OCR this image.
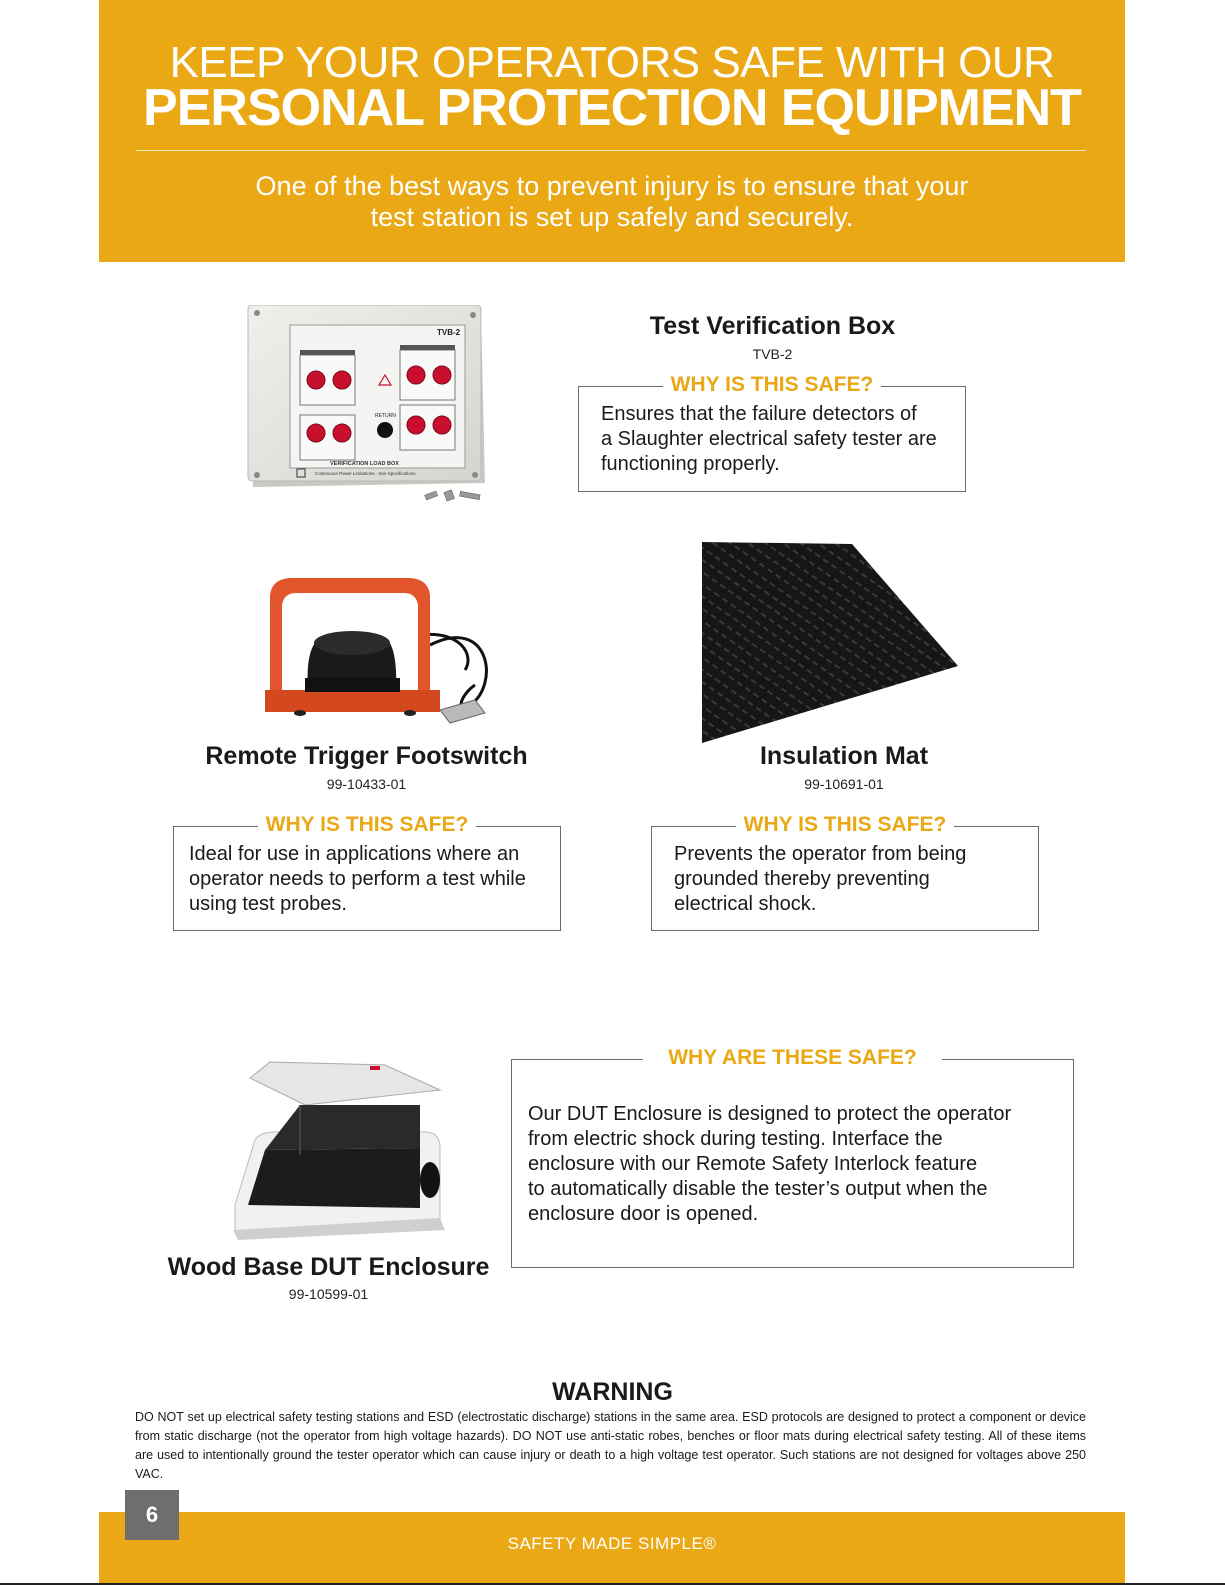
KEEP YOUR OPERATORS SAFE WITH OUR
PERSONAL PROTECTION EQUIPMENT
One of the best ways to prevent injury is to ensure that your
test station is set up safely and securely.
TVB-2
RETURN
VERIFICATION LOAD BOX
Continuous Power Limitations - See Specifications
Test Verification Box
TVB-2
WHY IS THIS SAFE?
Ensures that the failure detectors of
a Slaughter electrical safety tester are
functioning properly.
Remote Trigger Footswitch
99-10433-01
WHY IS THIS SAFE?
Ideal for use in applications where an
operator needs to perform a test while
using test probes.
Insulation Mat
99-10691-01
WHY IS THIS SAFE?
Prevents the operator from being
grounded thereby preventing
electrical shock.
Wood Base DUT Enclosure
99-10599-01
WHY ARE THESE SAFE?
Our DUT Enclosure is designed to protect the operator
from electric shock during testing. Interface the
enclosure with our Remote Safety Interlock feature
to automatically disable the tester’s output when the
enclosure door is opened.
WARNING
DO NOT set up electrical safety testing stations and ESD (electrostatic discharge) stations in the same area. ESD protocols are designed to protect a component or device from static discharge (not the operator from high voltage hazards). DO NOT use anti-static robes, benches or floor mats during electrical safety testing. All of these items are used to intentionally ground the tester operator which can cause injury or death to a high voltage test operator. Such stations are not designed for voltages above 250 VAC.
SAFETY MADE SIMPLE®
6
